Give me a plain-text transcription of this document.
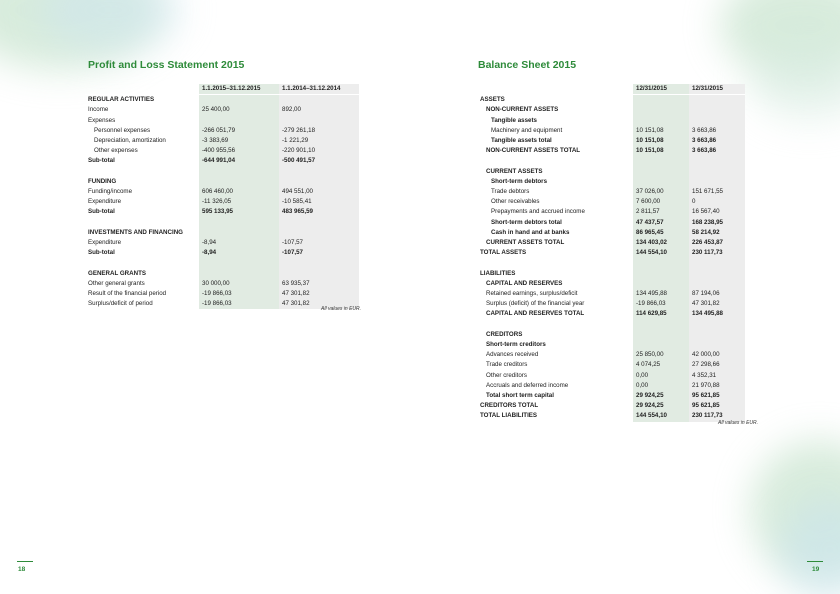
Profit and Loss Statement 2015
	1.1.2015–31.12.2015	1.1.2014–31.12.2014
REGULAR ACTIVITIES		
Income	25 400,00	892,00
Expenses		
Personnel expenses	-266 051,79	-279 261,18
Depreciation, amortization	-3 383,69	-1 221,29
Other expenses	-400 955,56	-220 901,10
Sub-total	-644 991,04	-500 491,57

FUNDING		
Funding/income	606 460,00	494 551,00
Expenditure	-11 326,05	-10 585,41
Sub-total	595 133,95	483 965,59

INVESTMENTS AND FINANCING		
Expenditure	-8,94	-107,57
Sub-total	-8,94	-107,57

GENERAL GRANTS		
Other general grants	30 000,00	63 935,37
Result of the financial period	-19 866,03	47 301,82
Surplus/deficit of period	-19 866,03	47 301,82
All values in EUR.
18
Balance Sheet 2015
	12/31/2015	12/31/2015
ASSETS		
NON-CURRENT ASSETS		
Tangible assets		
Machinery and equipment	10 151,08	3 663,86
Tangible assets total	10 151,08	3 663,86
NON-CURRENT ASSETS TOTAL	10 151,08	3 663,86

CURRENT ASSETS		
Short-term debtors		
Trade debtors	37 026,00	151 671,55
Other receivables	7 600,00	0
Prepayments and accrued income	2 811,57	16 567,40
Short-term debtors total	47 437,57	168 238,95
Cash in hand and at banks	86 965,45	58 214,92
CURRENT ASSETS TOTAL	134 403,02	226 453,87
TOTAL ASSETS	144 554,10	230 117,73

LIABILITIES		
CAPITAL AND RESERVES		
Retained earnings, surplus/deficit	134 495,88	87 194,06
Surplus (deficit) of the financial year	-19 866,03	47 301,82
CAPITAL AND RESERVES TOTAL	114 629,85	134 495,88

CREDITORS		
Short-term creditors		
Advances received	25 850,00	42 000,00
Trade creditors	4 074,25	27 298,66
Other creditors	0,00	4 352,31
Accruals and deferred income	0,00	21 970,88
Total short term capital	29 924,25	95 621,85
CREDITORS TOTAL	29 924,25	95 621,85
TOTAL LIABILITIES	144 554,10	230 117,73
All values in EUR.
19
